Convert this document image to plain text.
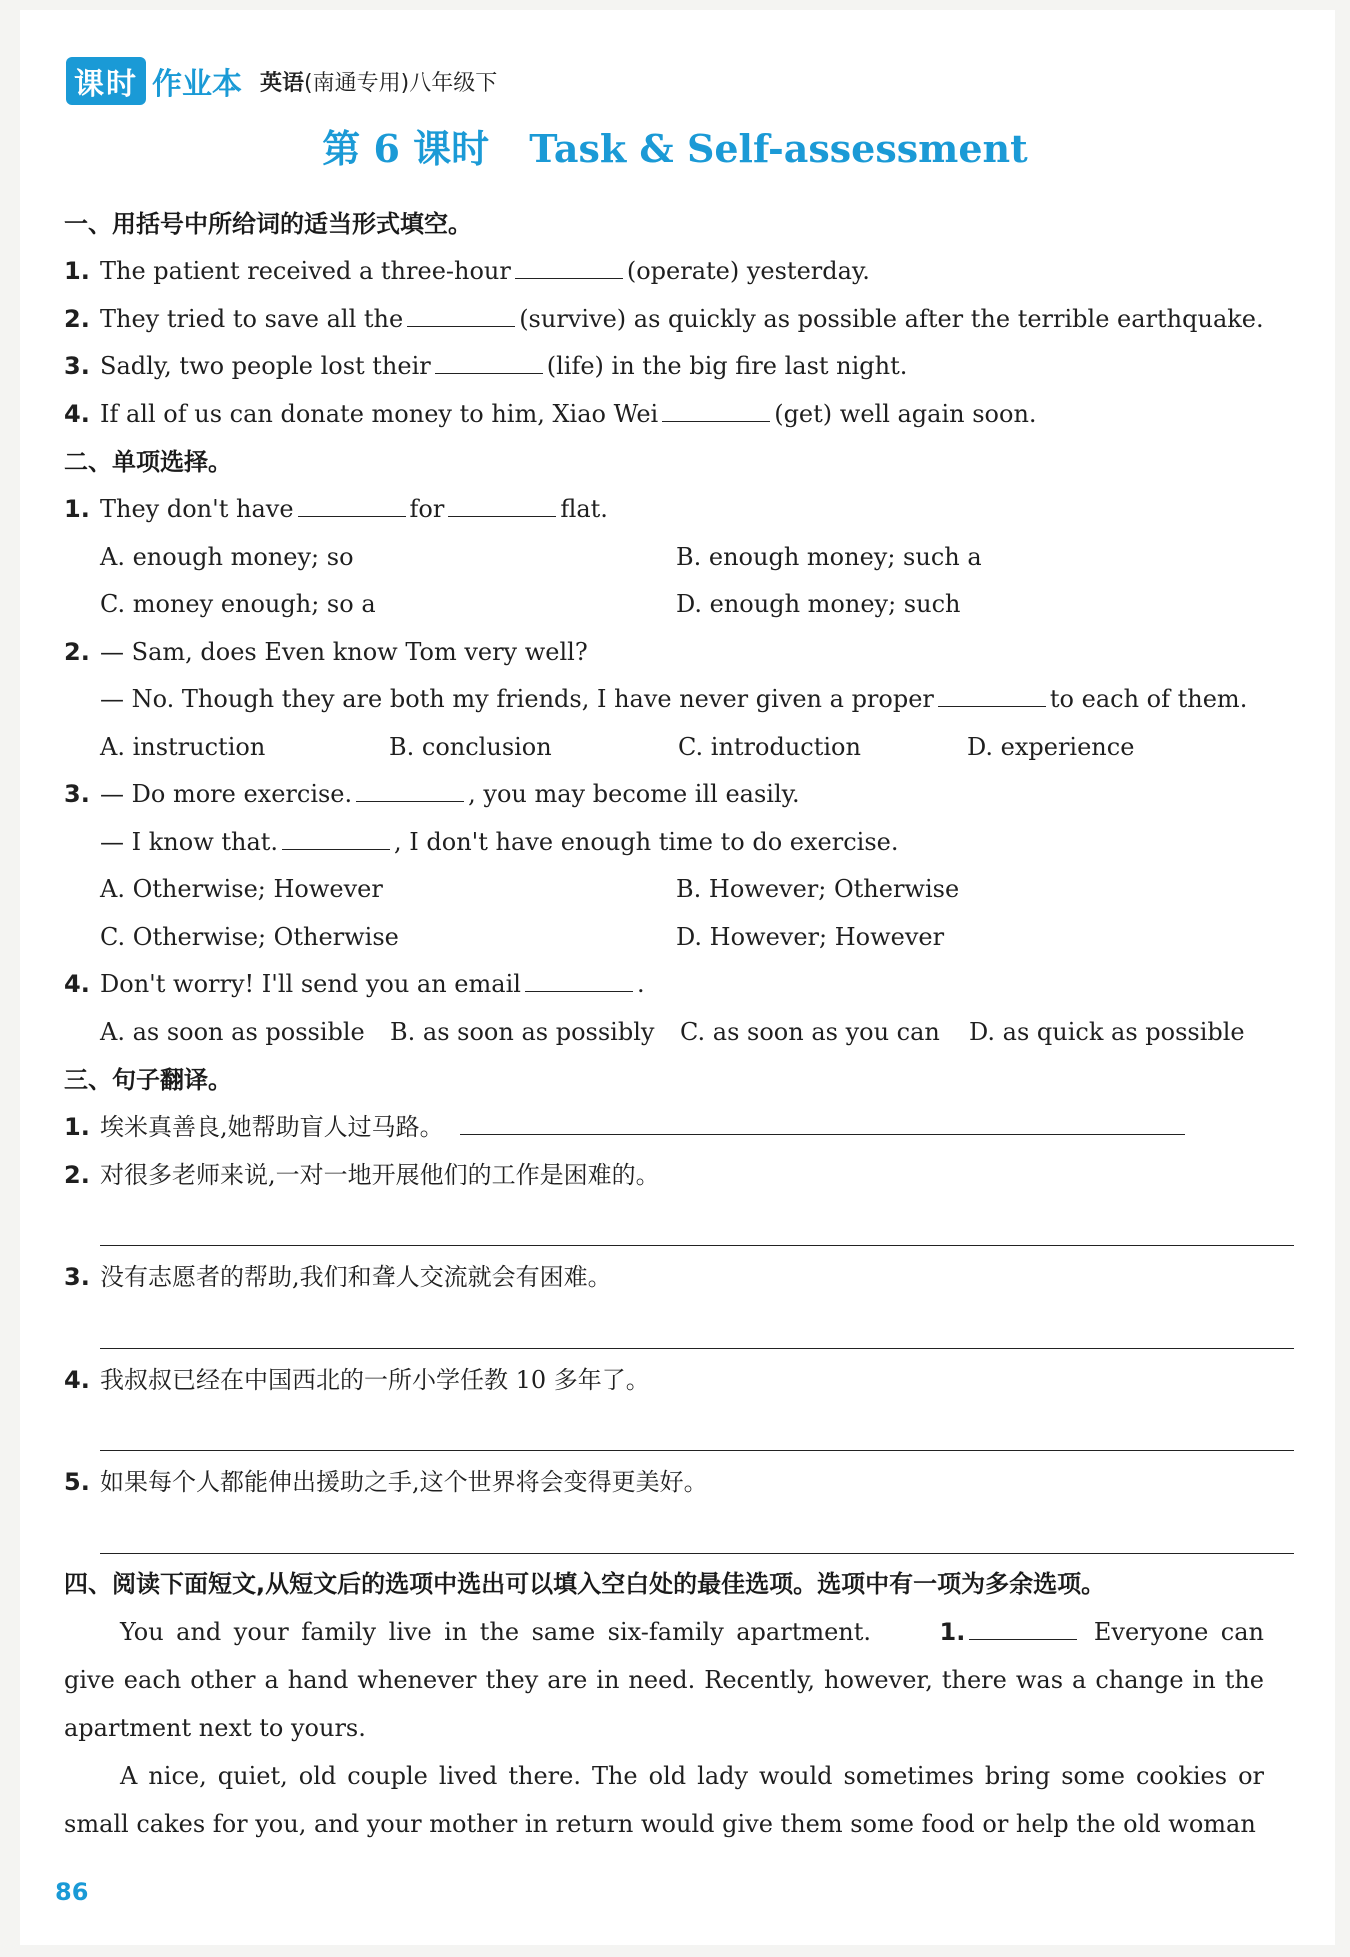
课时 作业本 英语(南通专用)八年级下
第 6 课时 Task & Self-assessment
一、用括号中所给词的适当形式填空。
1. The patient received a three-hour	(operate) yesterday.
2. They tried to save all the	(survive) as quickly as possible after the terrible earthquake.
3. Sadly, two people lost their	(life) in the big fire last night.
4. If all of us can donate money to him, Xiao Wei	(get) well again soon.
二、单项选择。
1. They don't have	for	flat.
A. enough money; so	B. enough money; such a
C. money enough; so a	D. enough money; such
2. — Sam, does Even know Tom very well?
— No. Though they are both my friends, I have never given a proper	to each of them.
A. instruction	B. conclusion	C. introduction	D. experience
3. — Do more exercise.	, you may become ill easily.
— I know that.	, I don't have enough time to do exercise.
A. Otherwise; However	B. However; Otherwise
C. Otherwise; Otherwise	D. However; However
4. Don't worry! I'll send you an email	.
A. as soon as possible	B. as soon as possibly	C. as soon as you can	D. as quick as possible
三、句子翻译。
1. 埃米真善良,她帮助盲人过马路。
2. 对很多老师来说,一对一地开展他们的工作是困难的。
3. 没有志愿者的帮助,我们和聋人交流就会有困难。
4. 我叔叔已经在中国西北的一所小学任教 10 多年了。
5. 如果每个人都能伸出援助之手,这个世界将会变得更美好。
四、阅读下面短文,从短文后的选项中选出可以填入空白处的最佳选项。选项中有一项为多余选项。
You and your family live in the same six-family apartment.	1.	Everyone can give each other a hand whenever they are in need. Recently, however, there was a change in the apartment next to yours.
A nice, quiet, old couple lived there. The old lady would sometimes bring some cookies or small cakes for you, and your mother in return would give them some food or help the old woman
86
